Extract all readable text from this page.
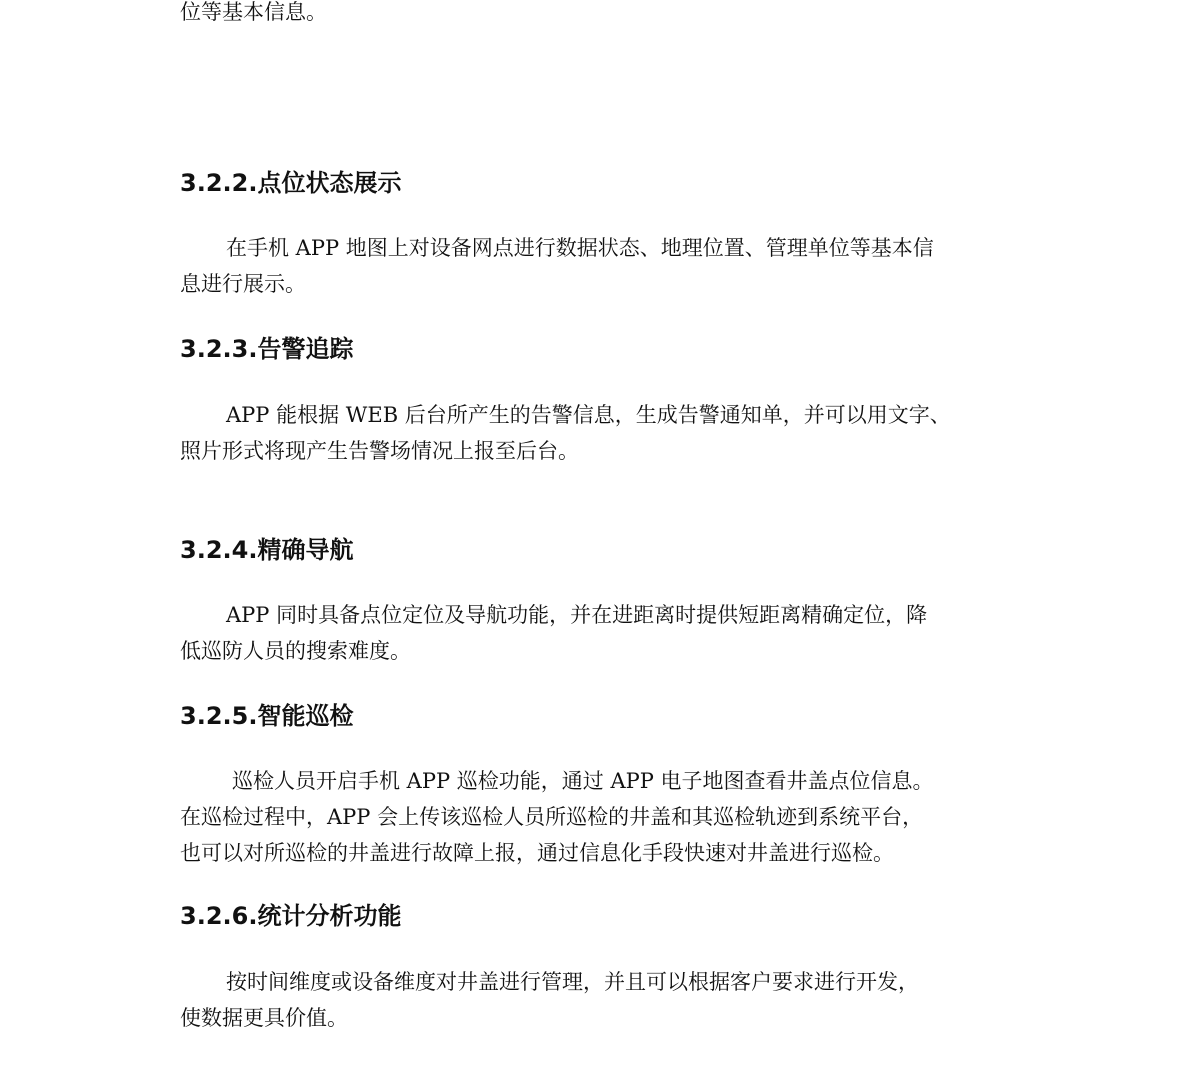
位等基本信息。
3.2.2.点位状态展示
在手机 APP 地图上对设备网点进行数据状态、地理位置、管理单位等基本信
息进行展示。
3.2.3.告警追踪
APP 能根据 WEB 后台所产生的告警信息，生成告警通知单，并可以用文字、
照片形式将现产生告警场情况上报至后台。
3.2.4.精确导航
APP 同时具备点位定位及导航功能，并在进距离时提供短距离精确定位，降
低巡防人员的搜索难度。
3.2.5.智能巡检
巡检人员开启手机 APP 巡检功能，通过 APP 电子地图查看井盖点位信息。
在巡检过程中，APP 会上传该巡检人员所巡检的井盖和其巡检轨迹到系统平台，
也可以对所巡检的井盖进行故障上报，通过信息化手段快速对井盖进行巡检。
3.2.6.统计分析功能
按时间维度或设备维度对井盖进行管理，并且可以根据客户要求进行开发，
使数据更具价值。
